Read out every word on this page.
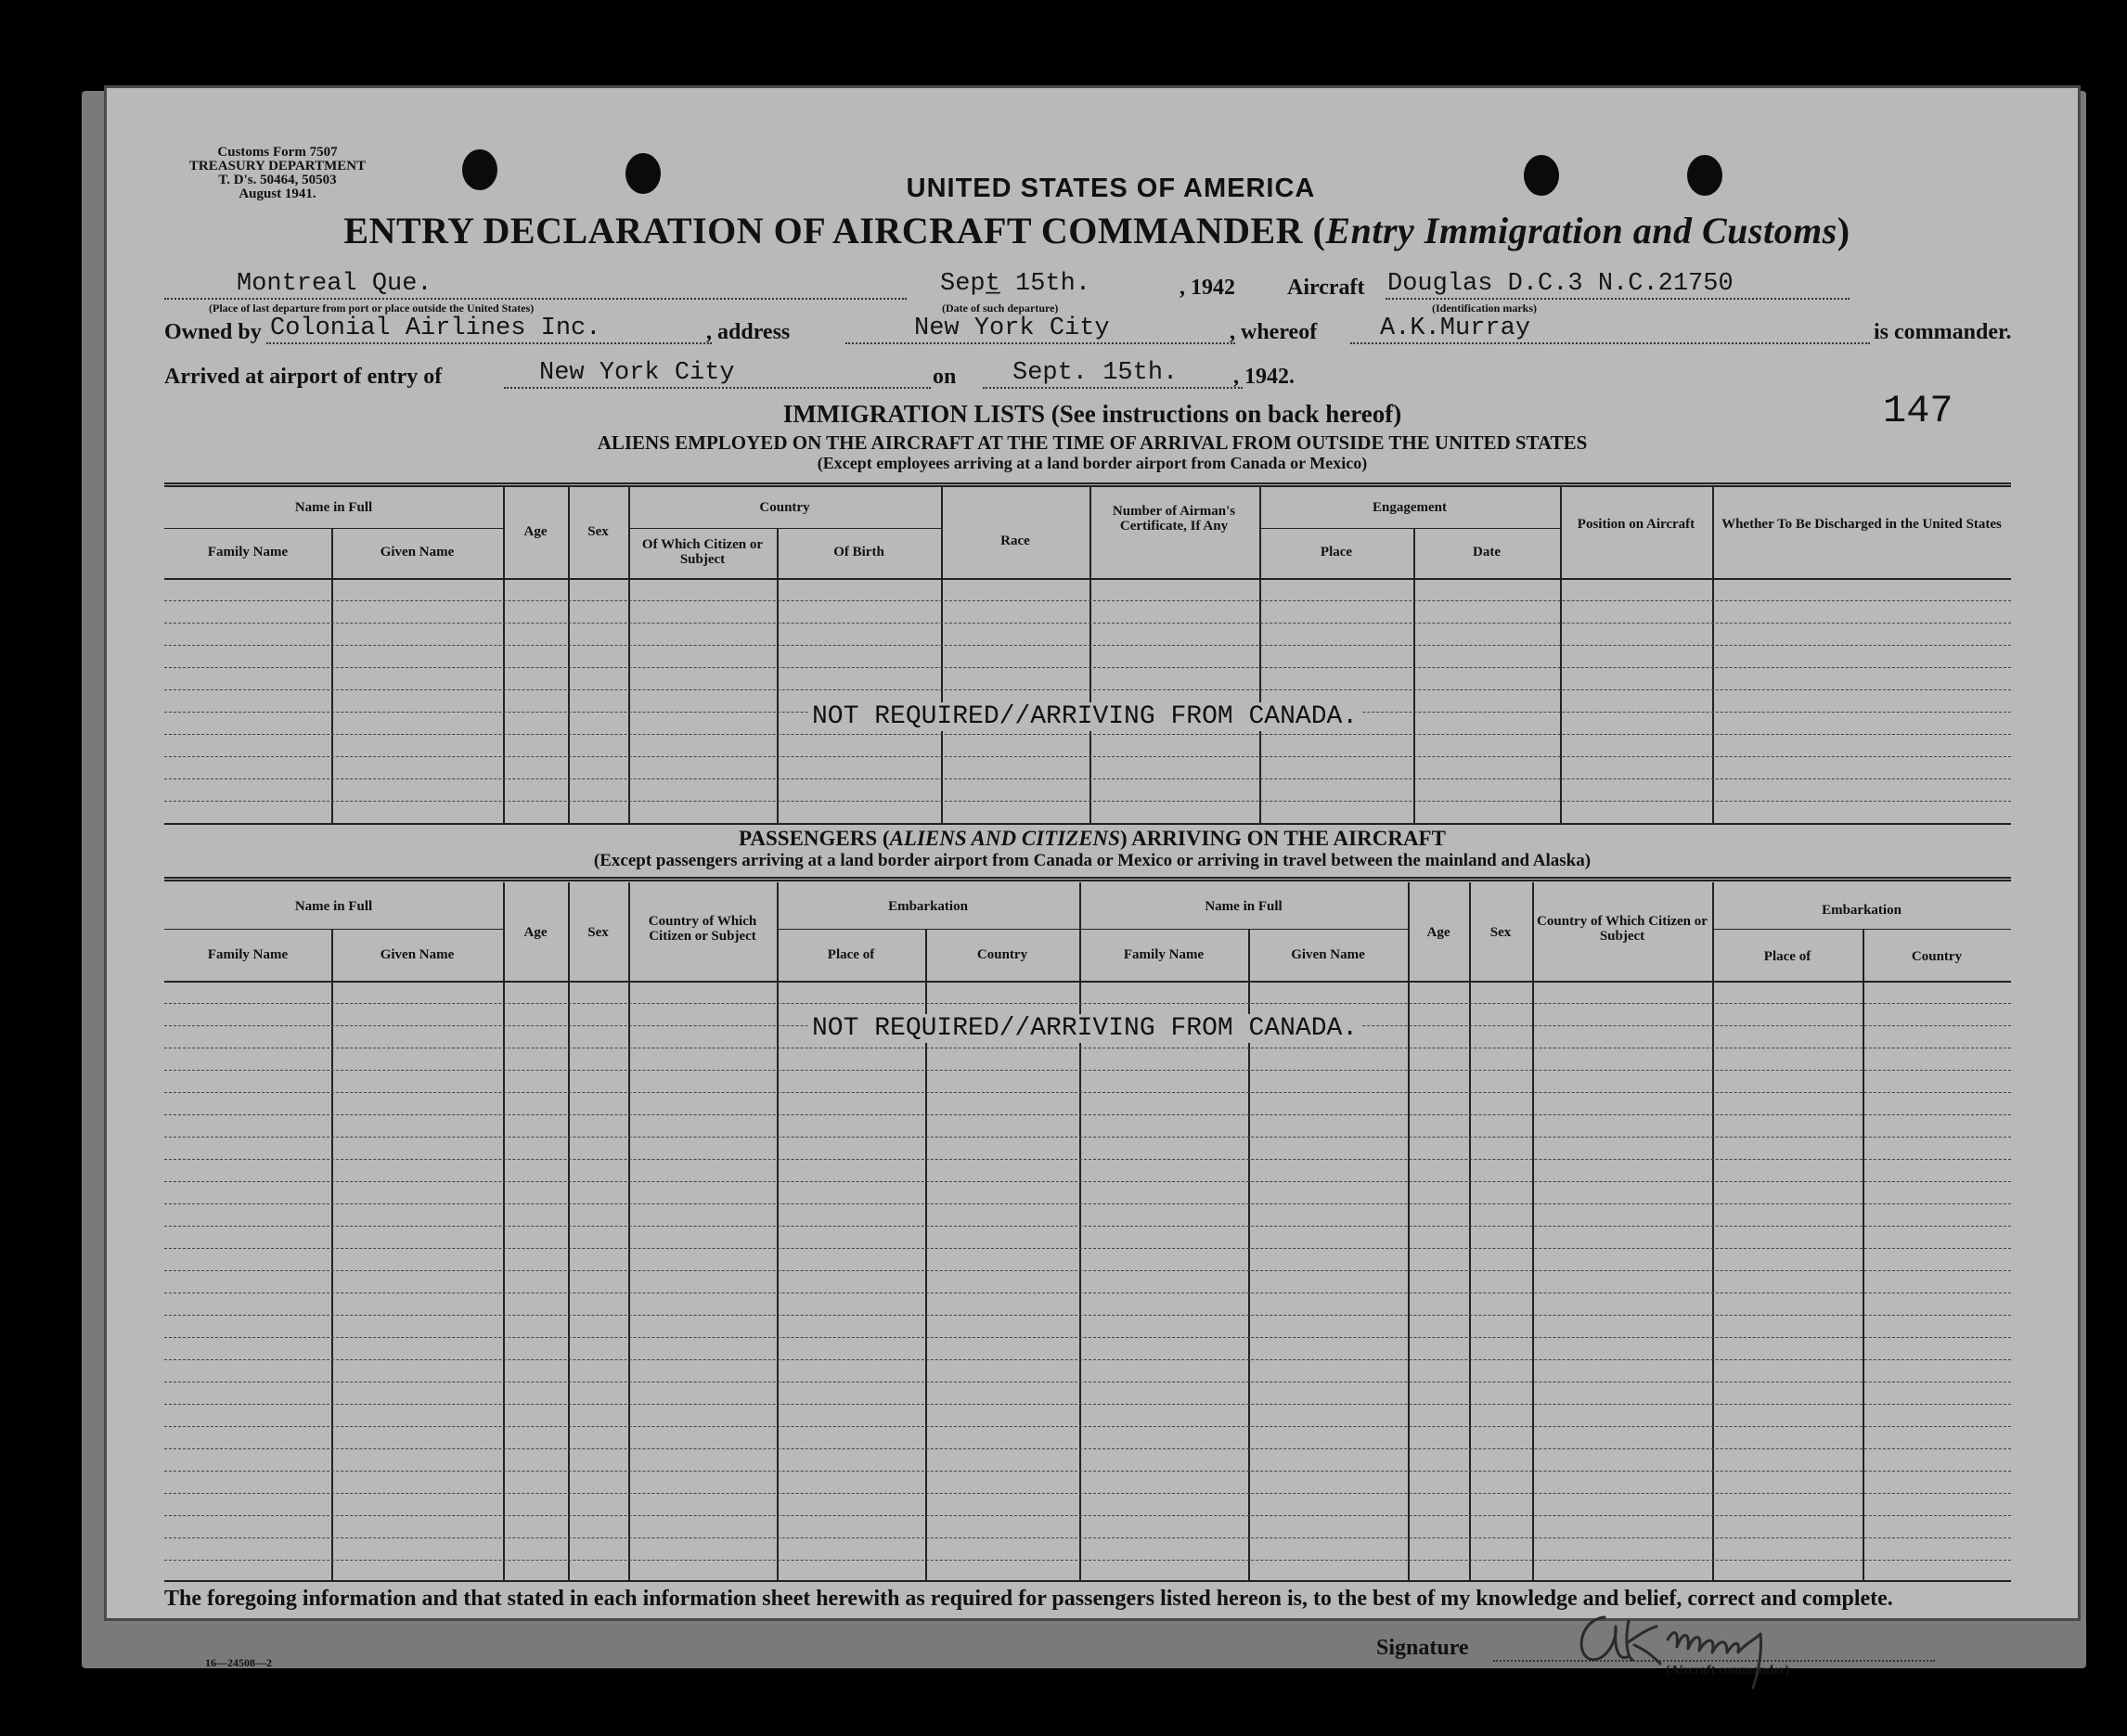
Customs Form 7507
TREASURY DEPARTMENT
T. D's. 50464, 50503
August 1941.	UNITED STATES OF AMERICA
ENTRY DECLARATION OF AIRCRAFT COMMANDER (Entry Immigration and Customs)
Montreal Que.
(Place of last departure from port or place outside the United States)
Sept̲ 15th.
(Date of such departure)
, 1942 Aircraft Douglas D.C.3 N.C.21750
(Identification marks)
Owned by Colonial Airlines Inc.	, address	New York City	, whereof	A.K.Murray	is commander.
Arrived at airport of entry of	New York City	on Sept. 15th. , 1942.
147
IMMIGRATION LISTS (See instructions on back hereof)
ALIENS EMPLOYED ON THE AIRCRAFT AT THE TIME OF ARRIVAL FROM OUTSIDE THE UNITED STATES
(Except employees arriving at a land border airport from Canada or Mexico)
Name in Full
Family Name	Given Name
Age	Sex
Country
Of Which Citizen or Subject	Of Birth
Race
Number of Airman's Certificate, If Any
Engagement
Place	Date
Position on Aircraft	Whether To Be Discharged in the United States
NOT REQUIRED//ARRIVING FROM CANADA.
PASSENGERS (ALIENS AND CITIZENS) ARRIVING ON THE AIRCRAFT
(Except passengers arriving at a land border airport from Canada or Mexico or arriving in travel between the mainland and Alaska)
Name in Full
Family Name	Given Name
Age	Sex
Country of Which Citizen or Subject
Embarkation
Place of	Country
Name in Full
Family Name	Given Name
Age	Sex
Country of Which Citizen or Subject
Embarkation
Place of	Country
NOT REQUIRED//ARRIVING FROM CANADA.
The foregoing information and that stated in each information sheet herewith as required for passengers listed hereon is, to the best of my knowledge and belief, correct and complete.
16—24508—2
Signature
(Aircraft commander)
